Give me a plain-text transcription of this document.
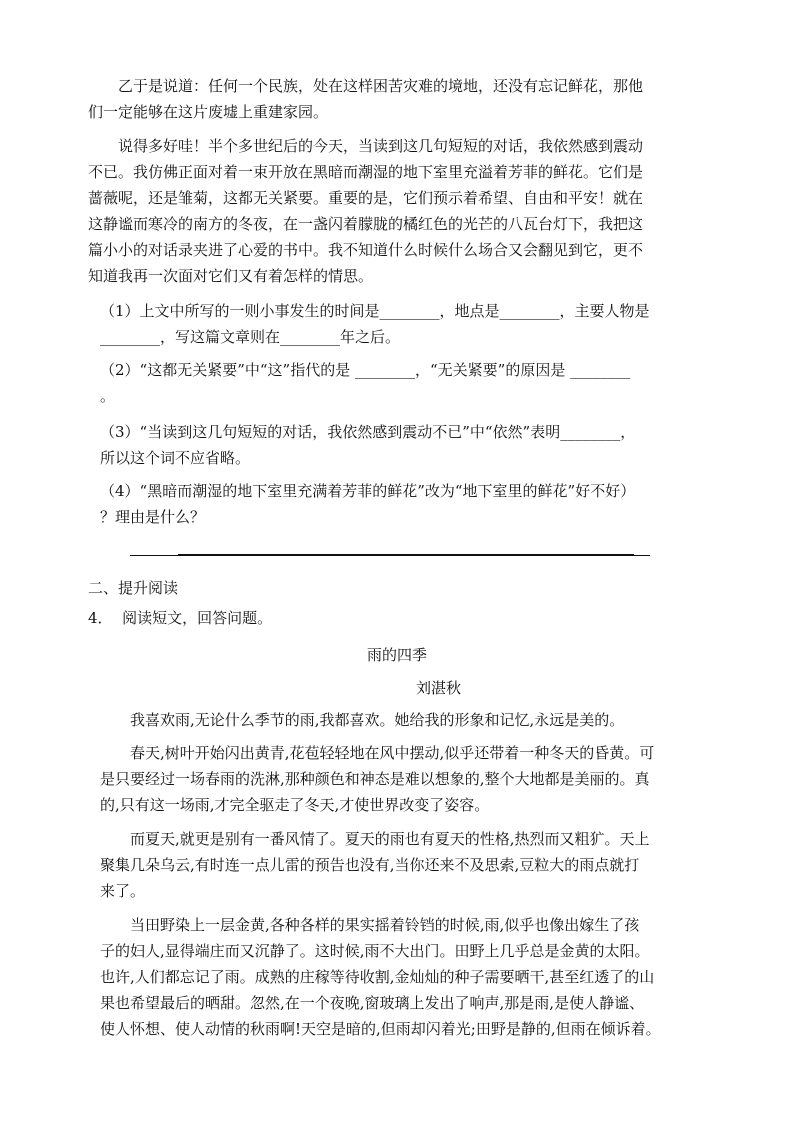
乙于是说道：任何一个民族，处在这样困苦灾难的境地，还没有忘记鲜花，那他
们一定能够在这片废墟上重建家园。
说得多好哇！半个多世纪后的今天，当读到这几句短短的对话，我依然感到震动
不已。我仿佛正面对着一束开放在黑暗而潮湿的地下室里充溢着芳菲的鲜花。它们是
蔷薇呢，还是雏菊，这都无关紧要。重要的是，它们预示着希望、自由和平安！就在
这静谧而寒冷的南方的冬夜，在一盏闪着朦胧的橘红色的光芒的八瓦台灯下，我把这
篇小小的对话录夹进了心爱的书中。我不知道什么时候什么场合又会翻见到它，更不
知道我再一次面对它们又有着怎样的情思。
（1）上文中所写的一则小事发生的时间是________，地点是________，主要人物是
________，写这篇文章则在________年之后。
（2）“这都无关紧要”中“这”指代的是 ________，“无关紧要”的原因是 ________
。
（3）“当读到这几句短短的对话，我依然感到震动不已”中“依然”表明________，
所以这个词不应省略。
（4）“黑暗而潮湿的地下室里充满着芳菲的鲜花”改为“地下室里的鲜花”好不好）
？理由是什么？
二、提升阅读
4．  阅读短文，回答问题。
雨的四季
刘湛秋
我喜欢雨,无论什么季节的雨,我都喜欢。她给我的形象和记忆,永远是美的。
春天,树叶开始闪出黄青,花苞轻轻地在风中摆动,似乎还带着一种冬天的昏黄。可
是只要经过一场春雨的洗淋,那种颜色和神态是难以想象的,整个大地都是美丽的。真
的,只有这一场雨,才完全驱走了冬天,才使世界改变了姿容。
而夏天,就更是别有一番风情了。夏天的雨也有夏天的性格,热烈而又粗犷。天上
聚集几朵乌云,有时连一点儿雷的预告也没有,当你还来不及思索,豆粒大的雨点就打
来了。
当田野染上一层金黄,各种各样的果实摇着铃铛的时候,雨,似乎也像出嫁生了孩
子的妇人,显得端庄而又沉静了。这时候,雨不大出门。田野上几乎总是金黄的太阳。
也许,人们都忘记了雨。成熟的庄稼等待收割,金灿灿的种子需要晒干,甚至红透了的山
果也希望最后的晒甜。忽然,在一个夜晚,窗玻璃上发出了响声,那是雨,是使人静谧、
使人怀想、使人动情的秋雨啊!天空是暗的,但雨却闪着光;田野是静的,但雨在倾诉着。
